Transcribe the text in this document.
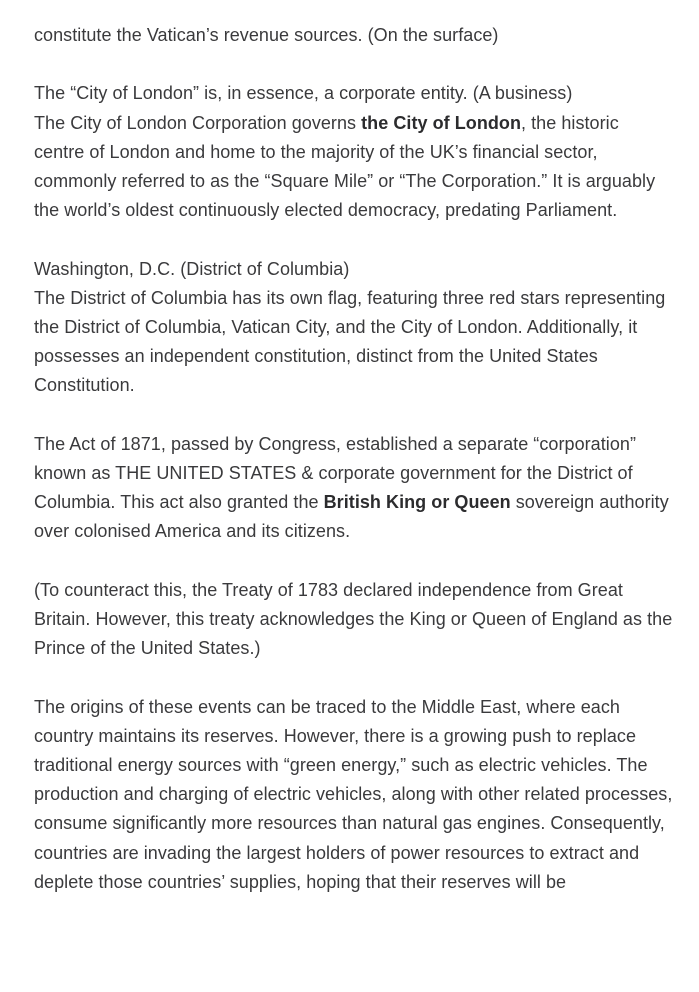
constitute the Vatican’s revenue sources. (On the surface)

The “City of London” is, in essence, a corporate entity. (A business)
The City of London Corporation governs the City of London, the historic centre of London and home to the majority of the UK’s financial sector, commonly referred to as the “Square Mile” or “The Corporation.” It is arguably the world’s oldest continuously elected democracy, predating Parliament.

Washington, D.C. (District of Columbia)
The District of Columbia has its own flag, featuring three red stars representing the District of Columbia, Vatican City, and the City of London. Additionally, it possesses an independent constitution, distinct from the United States Constitution.

The Act of 1871, passed by Congress, established a separate “corporation” known as THE UNITED STATES & corporate government for the District of Columbia. This act also granted the British King or Queen sovereign authority over colonised America and its citizens.

(To counteract this, the Treaty of 1783 declared independence from Great Britain. However, this treaty acknowledges the King or Queen of England as the Prince of the United States.)

The origins of these events can be traced to the Middle East, where each country maintains its reserves. However, there is a growing push to replace traditional energy sources with “green energy,” such as electric vehicles. The production and charging of electric vehicles, along with other related processes, consume significantly more resources than natural gas engines. Consequently, countries are invading the largest holders of power resources to extract and deplete those countries’ supplies, hoping that their reserves will be
